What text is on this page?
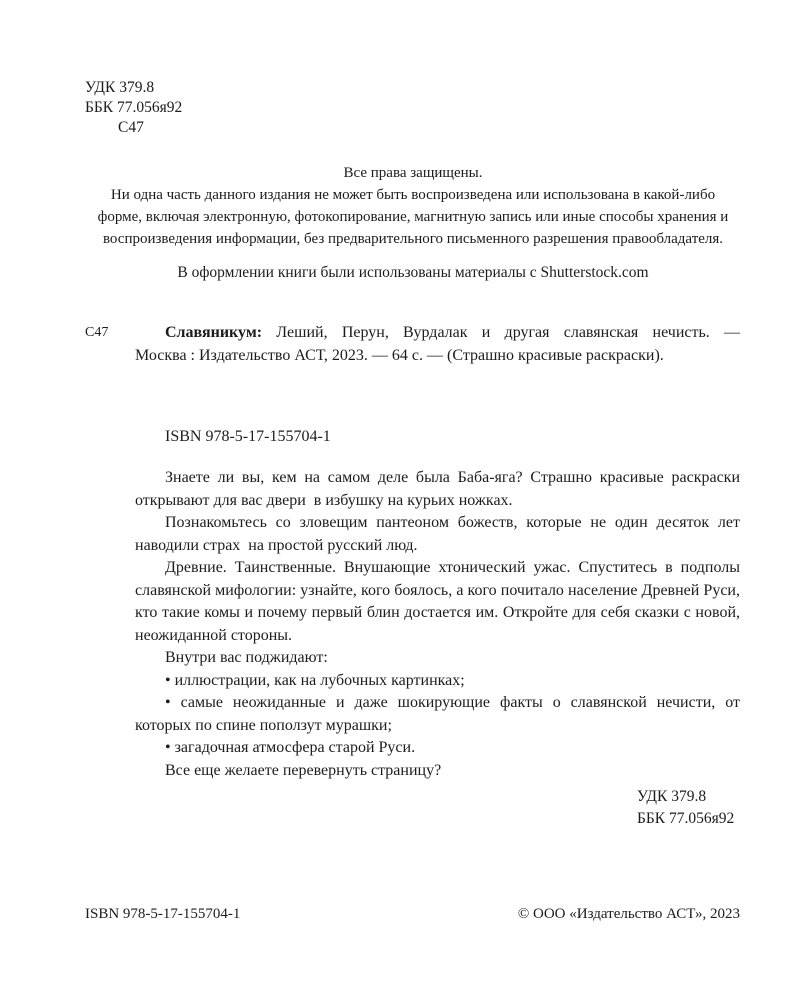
УДК 379.8
ББК 77.056я92
С47
Все права защищены.
Ни одна часть данного издания не может быть воспроизведена или использована в какой-либо
форме, включая электронную, фотокопирование, магнитную запись или иные способы хранения и
воспроизведения информации, без предварительного письменного разрешения правообладателя.
В оформлении книги были использованы материалы с Shutterstock.com
С47	Славяникум: Леший, Перун, Вурдалак и другая славянская нечисть. —
Москва : Издательство АСТ, 2023. — 64 с. — (Страшно красивые раскраски).
ISBN 978-5-17-155704-1
Знаете ли вы, кем на самом деле была Баба-яга? Страшно красивые раскраски открывают для вас двери  в избушку на курьих ножках.
Познакомьтесь со зловещим пантеоном божеств, которые не один десяток лет наводили страх  на простой русский люд.
Древние. Таинственные. Внушающие хтонический ужас. Спуститесь в подполы славянской мифологии: узнайте, кого боялось, а кого почитало население Древней Руси, кто такие комы и почему первый блин достается им. Откройте для себя сказки с новой, неожиданной стороны.
Внутри вас поджидают:
• иллюстрации, как на лубочных картинках;
• самые неожиданные и даже шокирующие факты о славянской нечисти, от которых по спине поползут мурашки;
• загадочная атмосфера старой Руси.
Все еще желаете перевернуть страницу?
УДК 379.8
ББК 77.056я92
ISBN 978-5-17-155704-1	© ООО «Издательство АСТ», 2023
